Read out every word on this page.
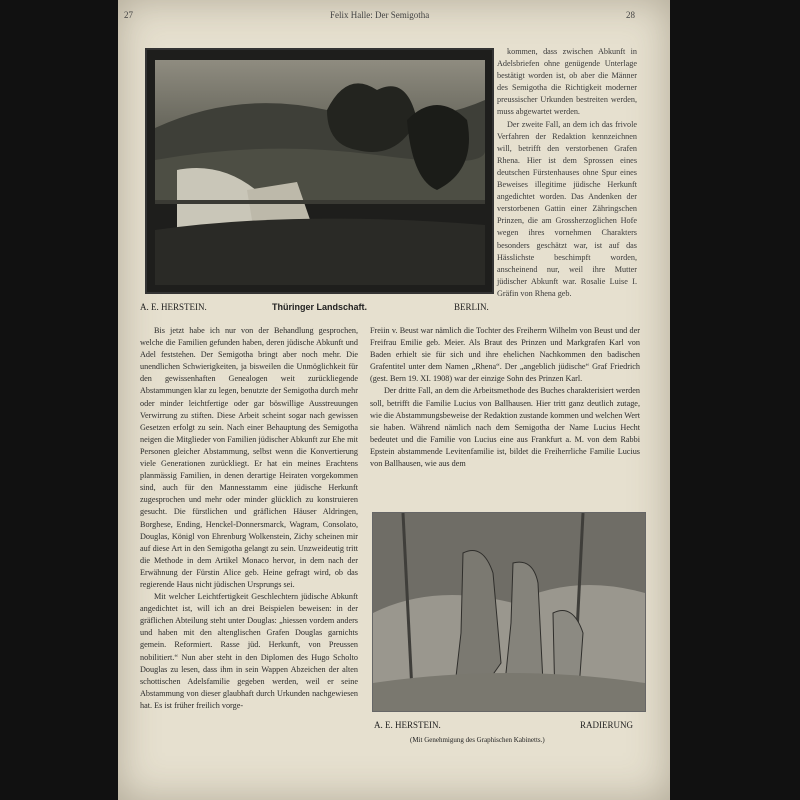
27	Felix Halle: Der Semigotha	28
A. E. HERSTEIN.	Thüringer Landschaft.	BERLIN.

kommen, dass zwischen Abkunft in Adelsbriefen ohne genügende Unterlage bestätigt worden ist, ob aber die Männer des Semigotha die Richtigkeit moderner preussischer Urkunden bestreiten werden, muss abgewartet werden.

Der zweite Fall, an dem ich das frivole Verfahren der Redaktion kennzeichnen will, betrifft den verstorbenen Grafen Rhena. Hier ist dem Sprossen eines deutschen Fürstenhauses ohne Spur eines Beweises illegitime jüdische Herkunft angedichtet worden. Das Andenken der verstorbenen Gattin einer Zähringschen Prinzen, die am Grossherzoglichen Hofe wegen ihres vornehmen Charakters besonders geschätzt war, ist auf das Hässlichste beschimpft worden, anscheinend nur, weil ihre Mutter jüdischer Abkunft war. Rosalie Luise I. Gräfin von Rhena geb.

Bis jetzt habe ich nur von der Behandlung gesprochen, welche die Familien gefunden haben, deren jüdische Abkunft und Adel feststehen. Der Semigotha bringt aber noch mehr. Die unendlichen Schwierigkeiten, ja bisweilen die Unmöglichkeit für den gewissenhaften Genealogen weit zurückliegende Abstammungen klar zu legen, benutzte der Semigotha durch mehr oder minder leichtfertige oder gar böswillige Ausstreuungen Verwirrung zu stiften. Diese Arbeit scheint sogar nach gewissen Gesetzen erfolgt zu sein. Nach einer Behauptung des Semigotha neigen die Mitglieder von Familien jüdischer Abkunft zur Ehe mit Personen gleicher Abstammung, selbst wenn die Konvertierung viele Generationen zurückliegt. Er hat ein meines Erachtens planmässig Familien, in denen derartige Heiraten vorgekommen sind, auch für den Mannesstamm eine jüdische Herkunft zugesprochen und mehr oder minder glücklich zu konstruieren gesucht. Die fürstlichen und gräflichen Häuser Aldringen, Borghese, Ending, Henckel-Donnersmarck, Wagram, Consolato, Douglas, Königl von Ehrenburg Wolkenstein, Zichy scheinen mir auf diese Art in den Semigotha gelangt zu sein. Unzweideutig tritt die Methode in dem Artikel Monaco hervor, in dem nach der Erwähnung der Fürstin Alice geb. Heine gefragt wird, ob das regierende Haus nicht jüdischen Ursprungs sei.

Mit welcher Leichtfertigkeit Geschlechtern jüdische Abkunft angedichtet ist, will ich an drei Beispielen beweisen: in der gräflichen Abteilung steht unter Douglas: „hiessen vordem anders und haben mit den altenglischen Grafen Douglas garnichts gemein. Reformiert. Rasse jüd. Herkunft, von Preussen nobilitiert.“ Nun aber steht in den Diplomen des Hugo Scholto Douglas zu lesen, dass ihm in sein Wappen Abzeichen der alten schottischen Adelsfamilie gegeben werden, weil er seine Abstammung von dieser glaubhaft durch Urkunden nachgewiesen hat. Es ist früher freilich vorge-

Freiin v. Beust war nämlich die Tochter des Freiherrn Wilhelm von Beust und der Freifrau Emilie geb. Meier. Als Braut des Prinzen und Markgrafen Karl von Baden erhielt sie für sich und ihre ehelichen Nachkommen den badischen Grafentitel unter dem Namen „Rhena“. Der „angeblich jüdische“ Graf Friedrich (gest. Bern 19. XI. 1908) war der einzige Sohn des Prinzen Karl.

Der dritte Fall, an dem die Arbeitsmethode des Buches charakterisiert werden soll, betrifft die Familie Lucius von Ballhausen. Hier tritt ganz deutlich zutage, wie die Abstammungsbeweise der Redaktion zustande kommen und welchen Wert sie haben. Während nämlich nach dem Semigotha der Name Lucius Hecht bedeutet und die Familie von Lucius eine aus Frankfurt a. M. von dem Rabbi Epstein abstammende Levitenfamilie ist, bildet die Freiherrliche Familie Lucius von Ballhausen, wie aus dem

A. E. HERSTEIN.	RADIERUNG
(Mit Genehmigung des Graphischen Kabinetts.)
